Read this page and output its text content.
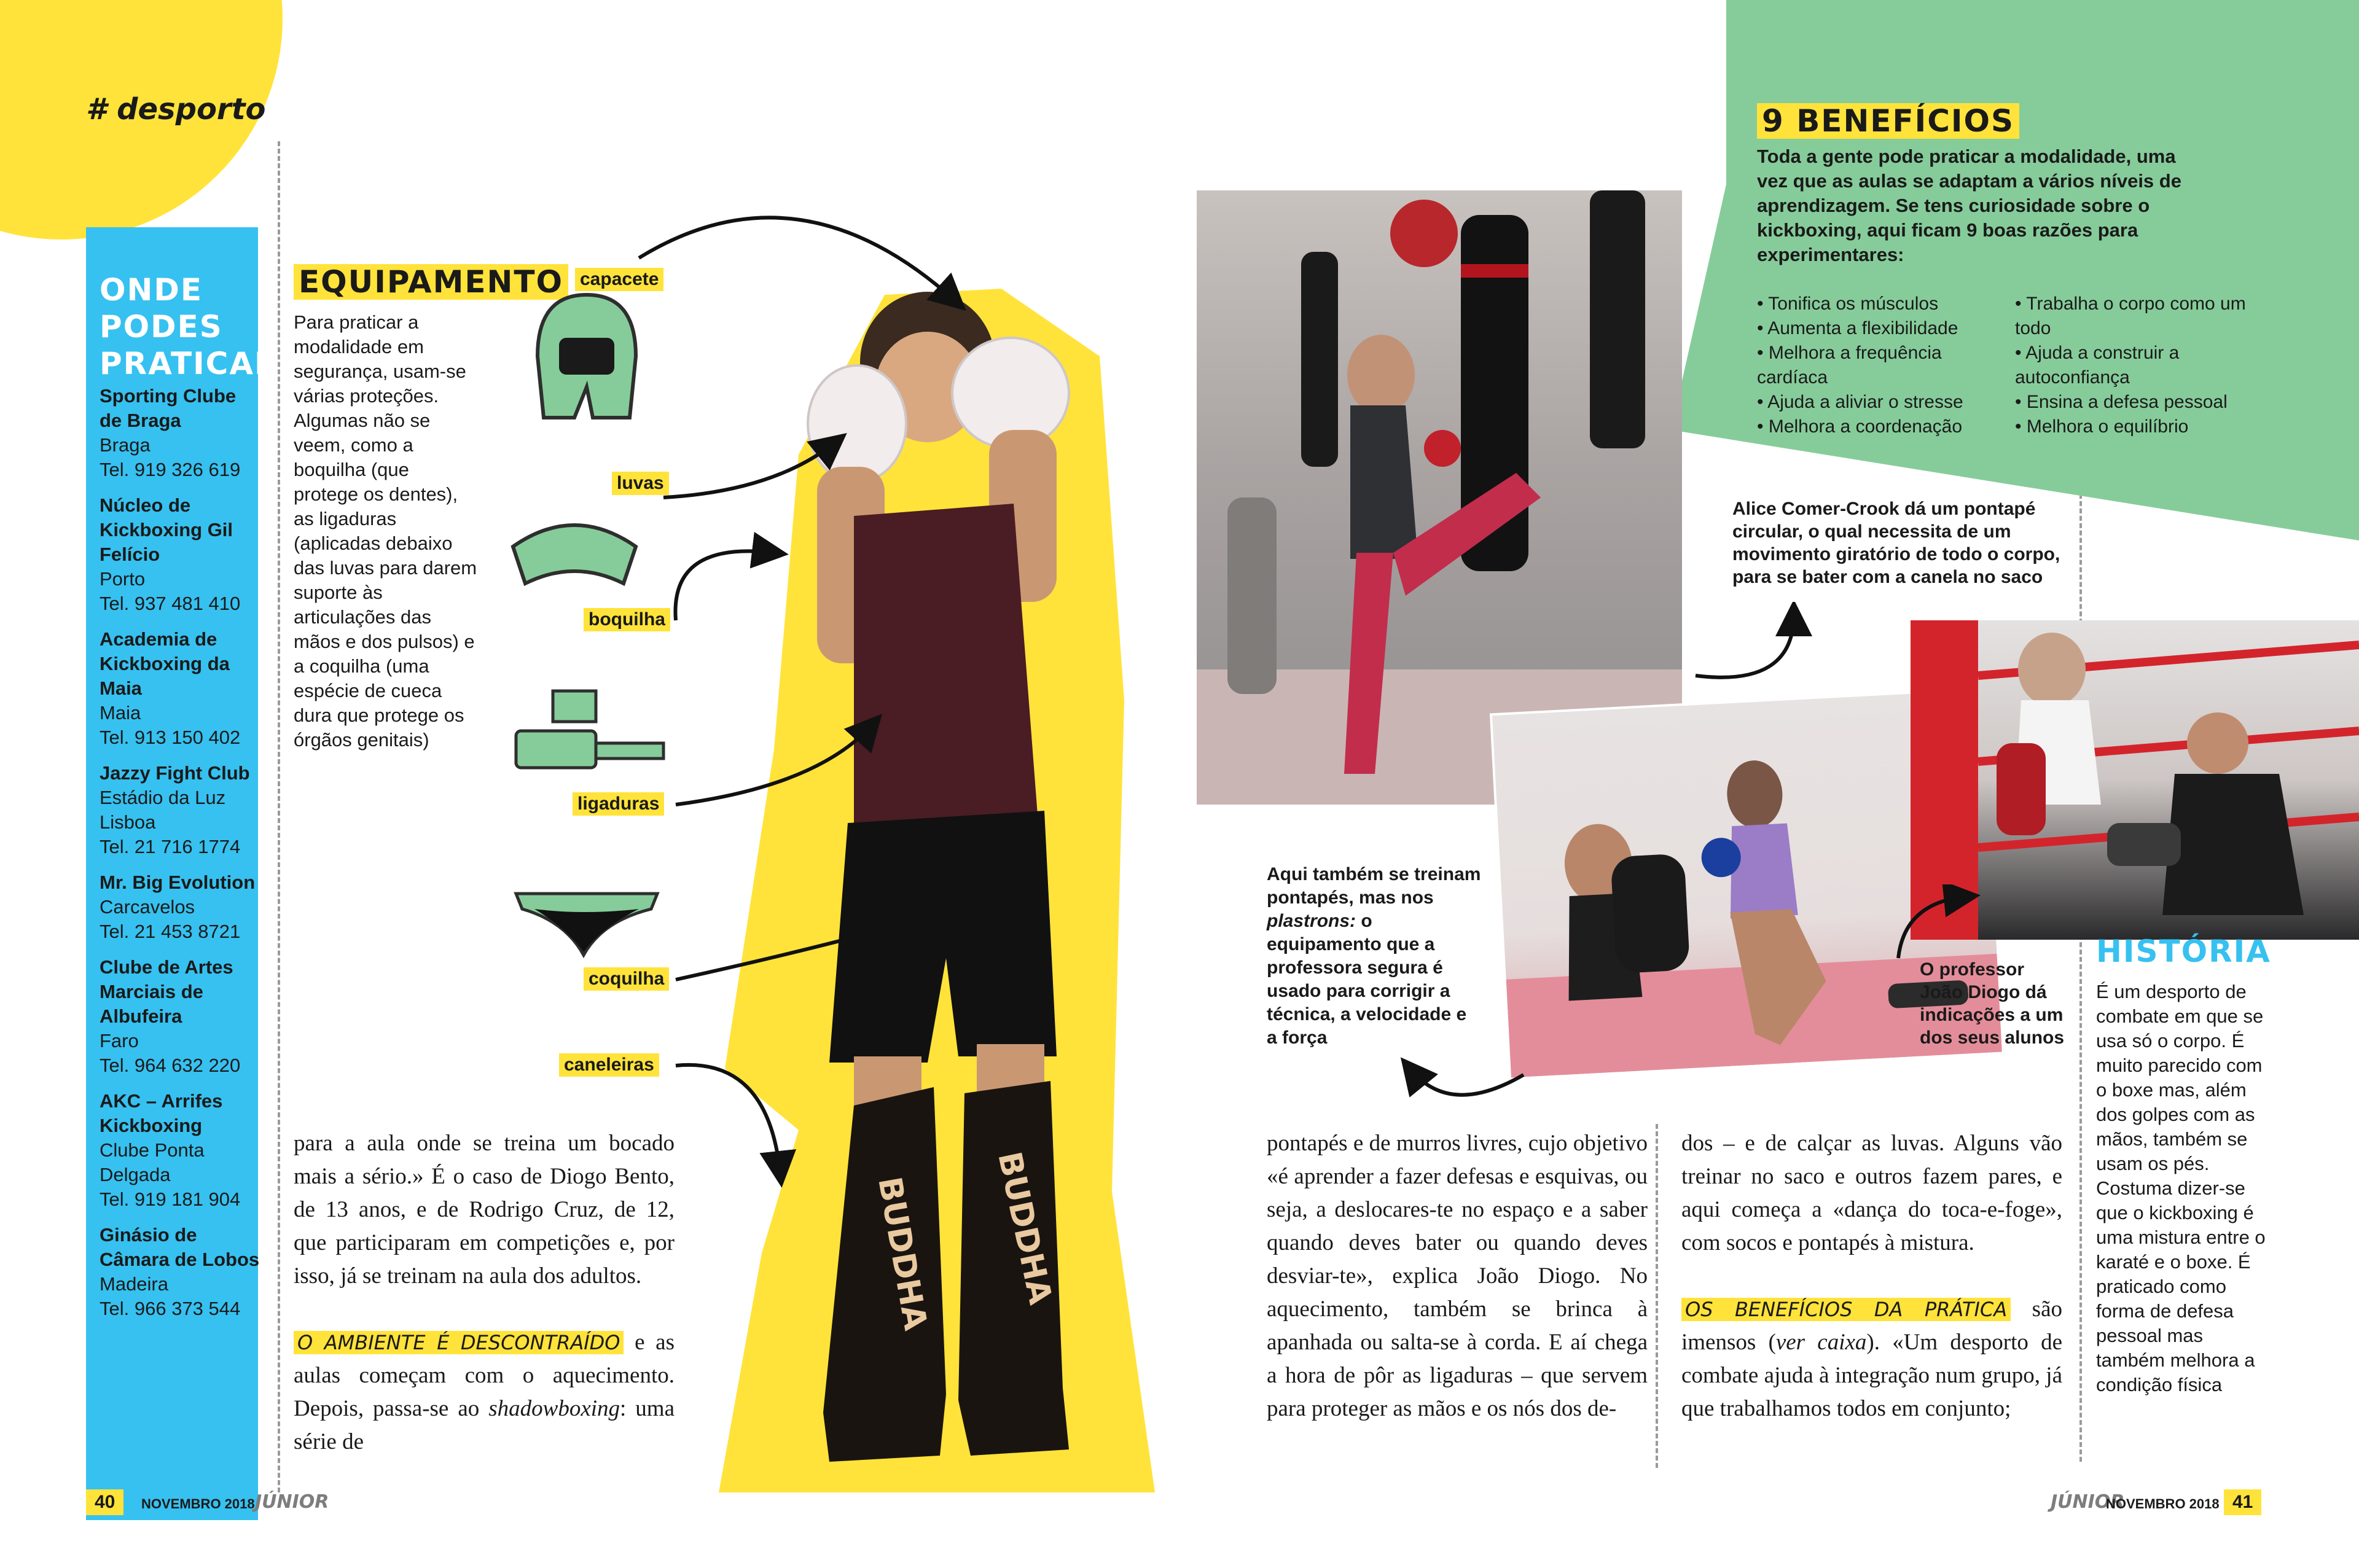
# desporto
ONDE PODES PRATICAR
Sporting Clube de Braga
Braga
Tel. 919 326 619
Núcleo de Kickboxing Gil Felício
Porto
Tel. 937 481 410
Academia de Kickboxing da Maia
Maia
Tel. 913 150 402
Jazzy Fight Club
Estádio da Luz Lisboa
Tel. 21 716 1774
Mr. Big Evolution
Carcavelos
Tel. 21 453 8721
Clube de Artes Marciais de Albufeira
Faro
Tel. 964 632 220
AKC – Arrifes Kickboxing
Clube Ponta Delgada
Tel. 919 181 904
Ginásio de Câmara de Lobos
Madeira
Tel. 966 373 544
EQUIPAMENTO
Para praticar a modalidade em segurança, usam-se várias proteções. Algumas não se veem, como a boquilha (que protege os dentes), as ligaduras (aplicadas debaixo das luvas para darem suporte às articulações das mãos e dos pulsos) e a coquilha (uma espécie de cueca dura que protege os órgãos genitais)
BUDDHA BUDDHA
capacete
luvas
boquilha
ligaduras
coquilha
caneleiras
para a aula onde se treina um bocado mais a sério.» É o caso de Diogo Bento, de 13 anos, e de Rodrigo Cruz, de 12, que participaram em competições e, por isso, já se treinam na aula dos adultos.

O AMBIENTE É DESCONTRAÍDO e as aulas começam com o aquecimento. Depois, passa-se ao shadowboxing: uma série de
40	NOVEMBRO 2018 JÚNIOR
9 BENEFÍCIOS
Toda a gente pode praticar a modalidade, uma vez que as aulas se adaptam a vários níveis de aprendizagem. Se tens curiosidade sobre o kickboxing, aqui ficam 9 boas razões para experimentares:
• Tonifica os músculos
• Aumenta a flexibilidade
• Melhora a frequência cardíaca
• Ajuda a aliviar o stresse
• Melhora a coordenação
• Trabalha o corpo como um todo
• Ajuda a construir a autoconfiança
• Ensina a defesa pessoal
• Melhora o equilíbrio
Alice Comer-Crook dá um pontapé circular, o qual necessita de um movimento giratório de todo o corpo, para se bater com a canela no saco
Aqui também se treinam pontapés, mas nos plastrons: o equipamento que a professora segura é usado para corrigir a técnica, a velocidade e a força
O professor João Diogo dá indicações a um dos seus alunos
pontapés e de murros livres, cujo objetivo «é aprender a fazer defesas e esquivas, ou seja, a deslocares-te no espaço e a saber quando deves bater ou quando deves desviar-te», explica João Diogo. No aquecimento, também se brinca à apanhada ou salta-se à corda. E aí chega a hora de pôr as ligaduras – que servem para proteger as mãos e os nós dos de-
dos – e de calçar as luvas. Alguns vão treinar no saco e outros fazem pares, e aqui começa a «dança do toca-e-foge», com socos e pontapés à mistura.

OS BENEFÍCIOS DA PRÁTICA são imensos (ver caixa). «Um desporto de combate ajuda à integração num grupo, já que trabalhamos todos em conjunto;
HISTÓRIA
É um desporto de combate em que se usa só o corpo. É muito parecido com o boxe mas, além dos golpes com as mãos, também se usam os pés. Costuma dizer-se que o kickboxing é uma mistura entre o karaté e o boxe. É praticado como forma de defesa pessoal mas também melhora a condição física
JÚNIOR
NOVEMBRO 2018 41
